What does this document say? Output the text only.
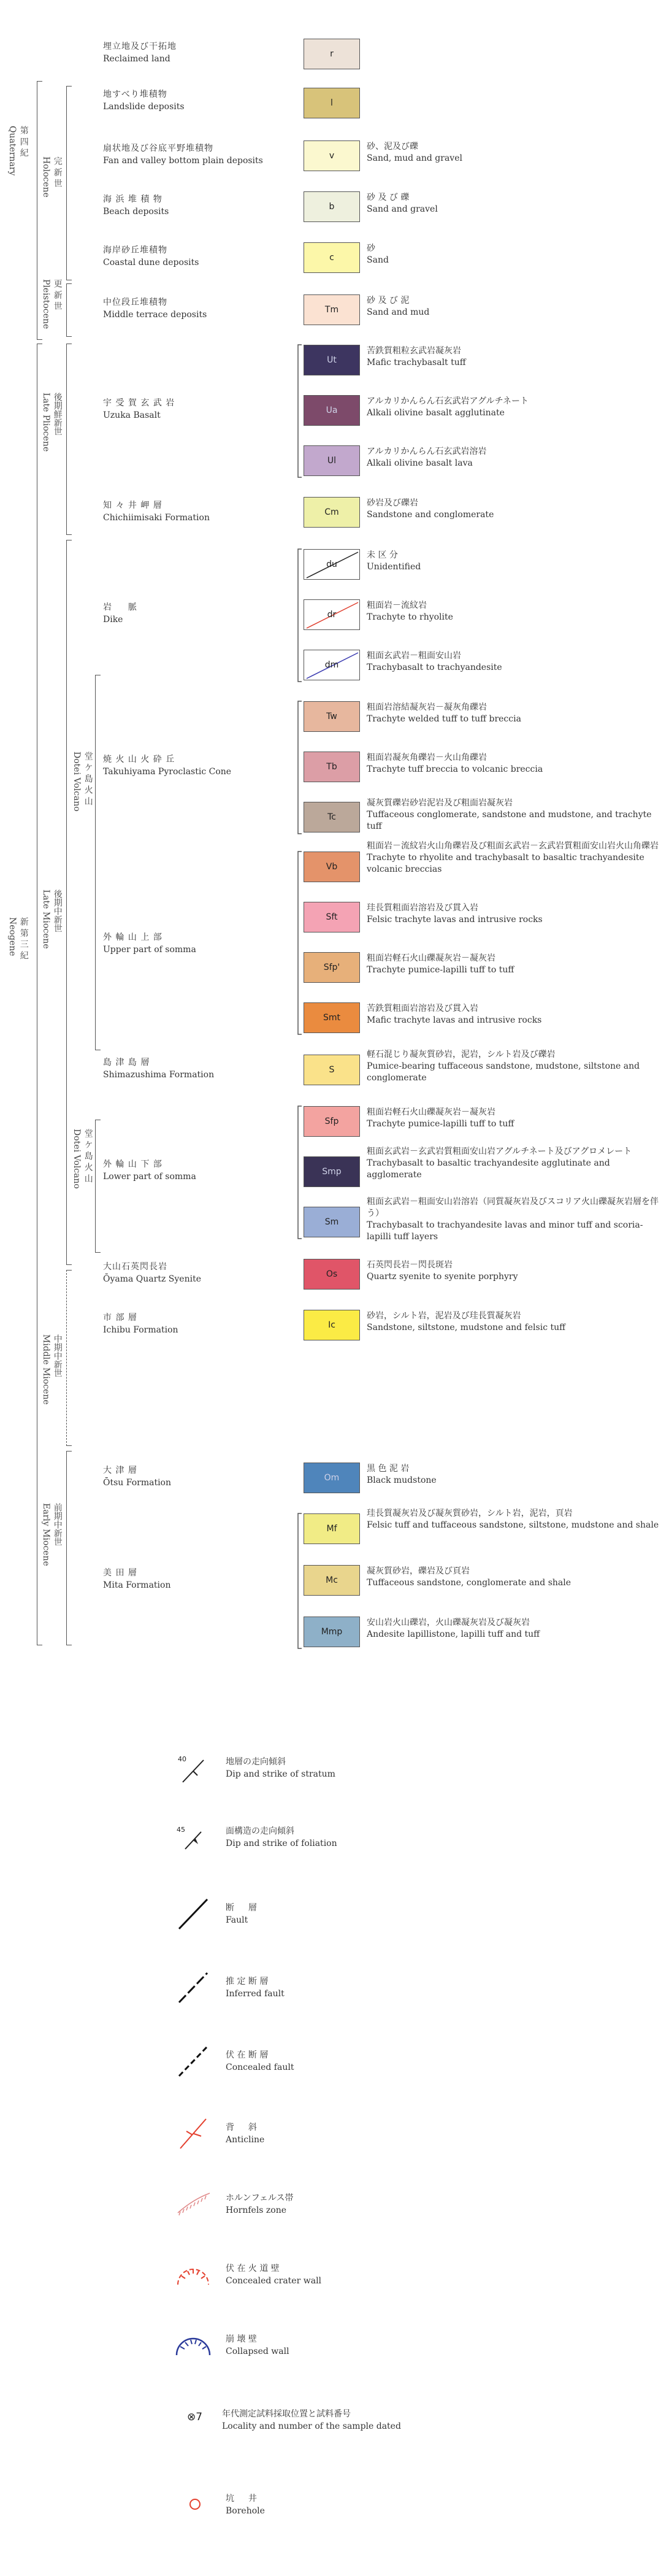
第 四 紀
Quaternary
新 第 三 紀
Neogene
完 新 世
Holocene
更 新 世
Pleistocene
後期鮮新世
Late Pliocene
後期中新世
Late Miocene
中期中新世
Middle Miocene
前期中新世
Early Miocene
堂 ケ 島 火 山
Dotei Volcano
堂 ケ 島 火 山
Dotei Volcano
埋立地及び干拓地
Reclaimed land
地すべり堆積物
Landslide deposits
扇状地及び谷底平野堆積物
Fan and valley bottom plain deposits
海 浜 堆 積 物
Beach deposits
海岸砂丘堆積物
Coastal dune deposits
中位段丘堆積物
Middle terrace deposits
宇 受 賀 玄 武 岩
Uzuka Basalt
知 々 井 岬 層
Chichiimisaki Formation
岩 　 脈
Dike
焼 火 山 火 砕 丘
Takuhiyama Pyroclastic Cone
外 輪 山 上 部
Upper part of somma
島 津 島 層
Shimazushima Formation
外 輪 山 下 部
Lower part of somma
大山石英閃長岩
Ōyama Quartz Syenite
市 部 層
Ichibu Formation
大 津 層
Ōtsu Formation
美 田 層
Mita Formation
r
l
v
b
c
Tm
Ut
Ua
Ul
Cm
du
dr
dm
Tw
Tb
Tc
Vb
Sft
Sfp'
Smt
S
Sfp
Smp
Sm
Os
Ic
Om
Mf
Mc
Mmp
砂、泥及び礫
Sand, mud and gravel
砂 及 び 礫
Sand and gravel
砂
Sand
砂 及 び 泥
Sand and mud
苦鉄質粗粒玄武岩凝灰岩
Mafic trachybasalt tuff
アルカリかんらん石玄武岩アグルチネート
Alkali olivine basalt agglutinate
アルカリかんらん石玄武岩溶岩
Alkali olivine basalt lava
砂岩及び礫岩
Sandstone and conglomerate
未 区 分
Unidentified
粗面岩－流紋岩
Trachyte to rhyolite
粗面玄武岩－粗面安山岩
Trachybasalt to trachyandesite
粗面岩溶結凝灰岩－凝灰角礫岩
Trachyte welded tuff to tuff breccia
粗面岩凝灰角礫岩－火山角礫岩
Trachyte tuff breccia to volcanic breccia
凝灰質礫岩砂岩泥岩及び粗面岩凝灰岩
Tuffaceous conglomerate, sandstone and mudstone, and trachyte tuff
粗面岩－流紋岩火山角礫岩及び粗面玄武岩－玄武岩質粗面安山岩火山角礫岩
Trachyte to rhyolite and trachybasalt to basaltic trachyandesite volcanic breccias
珪長質粗面岩溶岩及び貫入岩
Felsic trachyte lavas and intrusive rocks
粗面岩軽石火山礫凝灰岩－凝灰岩
Trachyte pumice-lapilli tuff to tuff
苦鉄質粗面岩溶岩及び貫入岩
Mafic trachyte lavas and intrusive rocks
軽石混じり凝灰質砂岩，泥岩，シルト岩及び礫岩
Pumice-bearing tuffaceous sandstone, mudstone, siltstone and conglomerate
粗面岩軽石火山礫凝灰岩－凝灰岩
Trachyte pumice-lapilli tuff to tuff
粗面玄武岩－玄武岩質粗面安山岩アグルチネート及びアグロメレート
Trachybasalt to basaltic trachyandesite agglutinate and agglomerate
粗面玄武岩－粗面安山岩溶岩（同質凝灰岩及びスコリア火山礫凝灰岩層を伴う）
Trachybasalt to trachyandesite lavas and minor tuff and scoria-lapilli tuff layers
石英閃長岩－閃長斑岩
Quartz syenite to syenite porphyry
砂岩，シルト岩，泥岩及び珪長質凝灰岩
Sandstone, siltstone, mudstone and felsic tuff
黒 色 泥 岩
Black mudstone
珪長質凝灰岩及び凝灰質砂岩，シルト岩，泥岩，頁岩
Felsic tuff and tuffaceous sandstone, siltstone, mudstone and shale
凝灰質砂岩，礫岩及び頁岩
Tuffaceous sandstone, conglomerate and shale
安山岩火山礫岩，火山礫凝灰岩及び凝灰岩
Andesite lapillistone, lapilli tuff and tuff
40	地層の走向傾斜
Dip and strike of stratum
45	面構造の走向傾斜
Dip and strike of foliation
断 　 層
Fault
推 定 断 層
Inferred fault
伏 在 断 層
Concealed fault
背 　 斜
Anticline
ホルンフェルス帯
Hornfels zone
伏 在 火 道 壁
Concealed crater wall
崩 壊 壁
Collapsed wall
⊗7 年代測定試料採取位置と試料番号
Locality and number of the sample dated
坑 　 井
Borehole
